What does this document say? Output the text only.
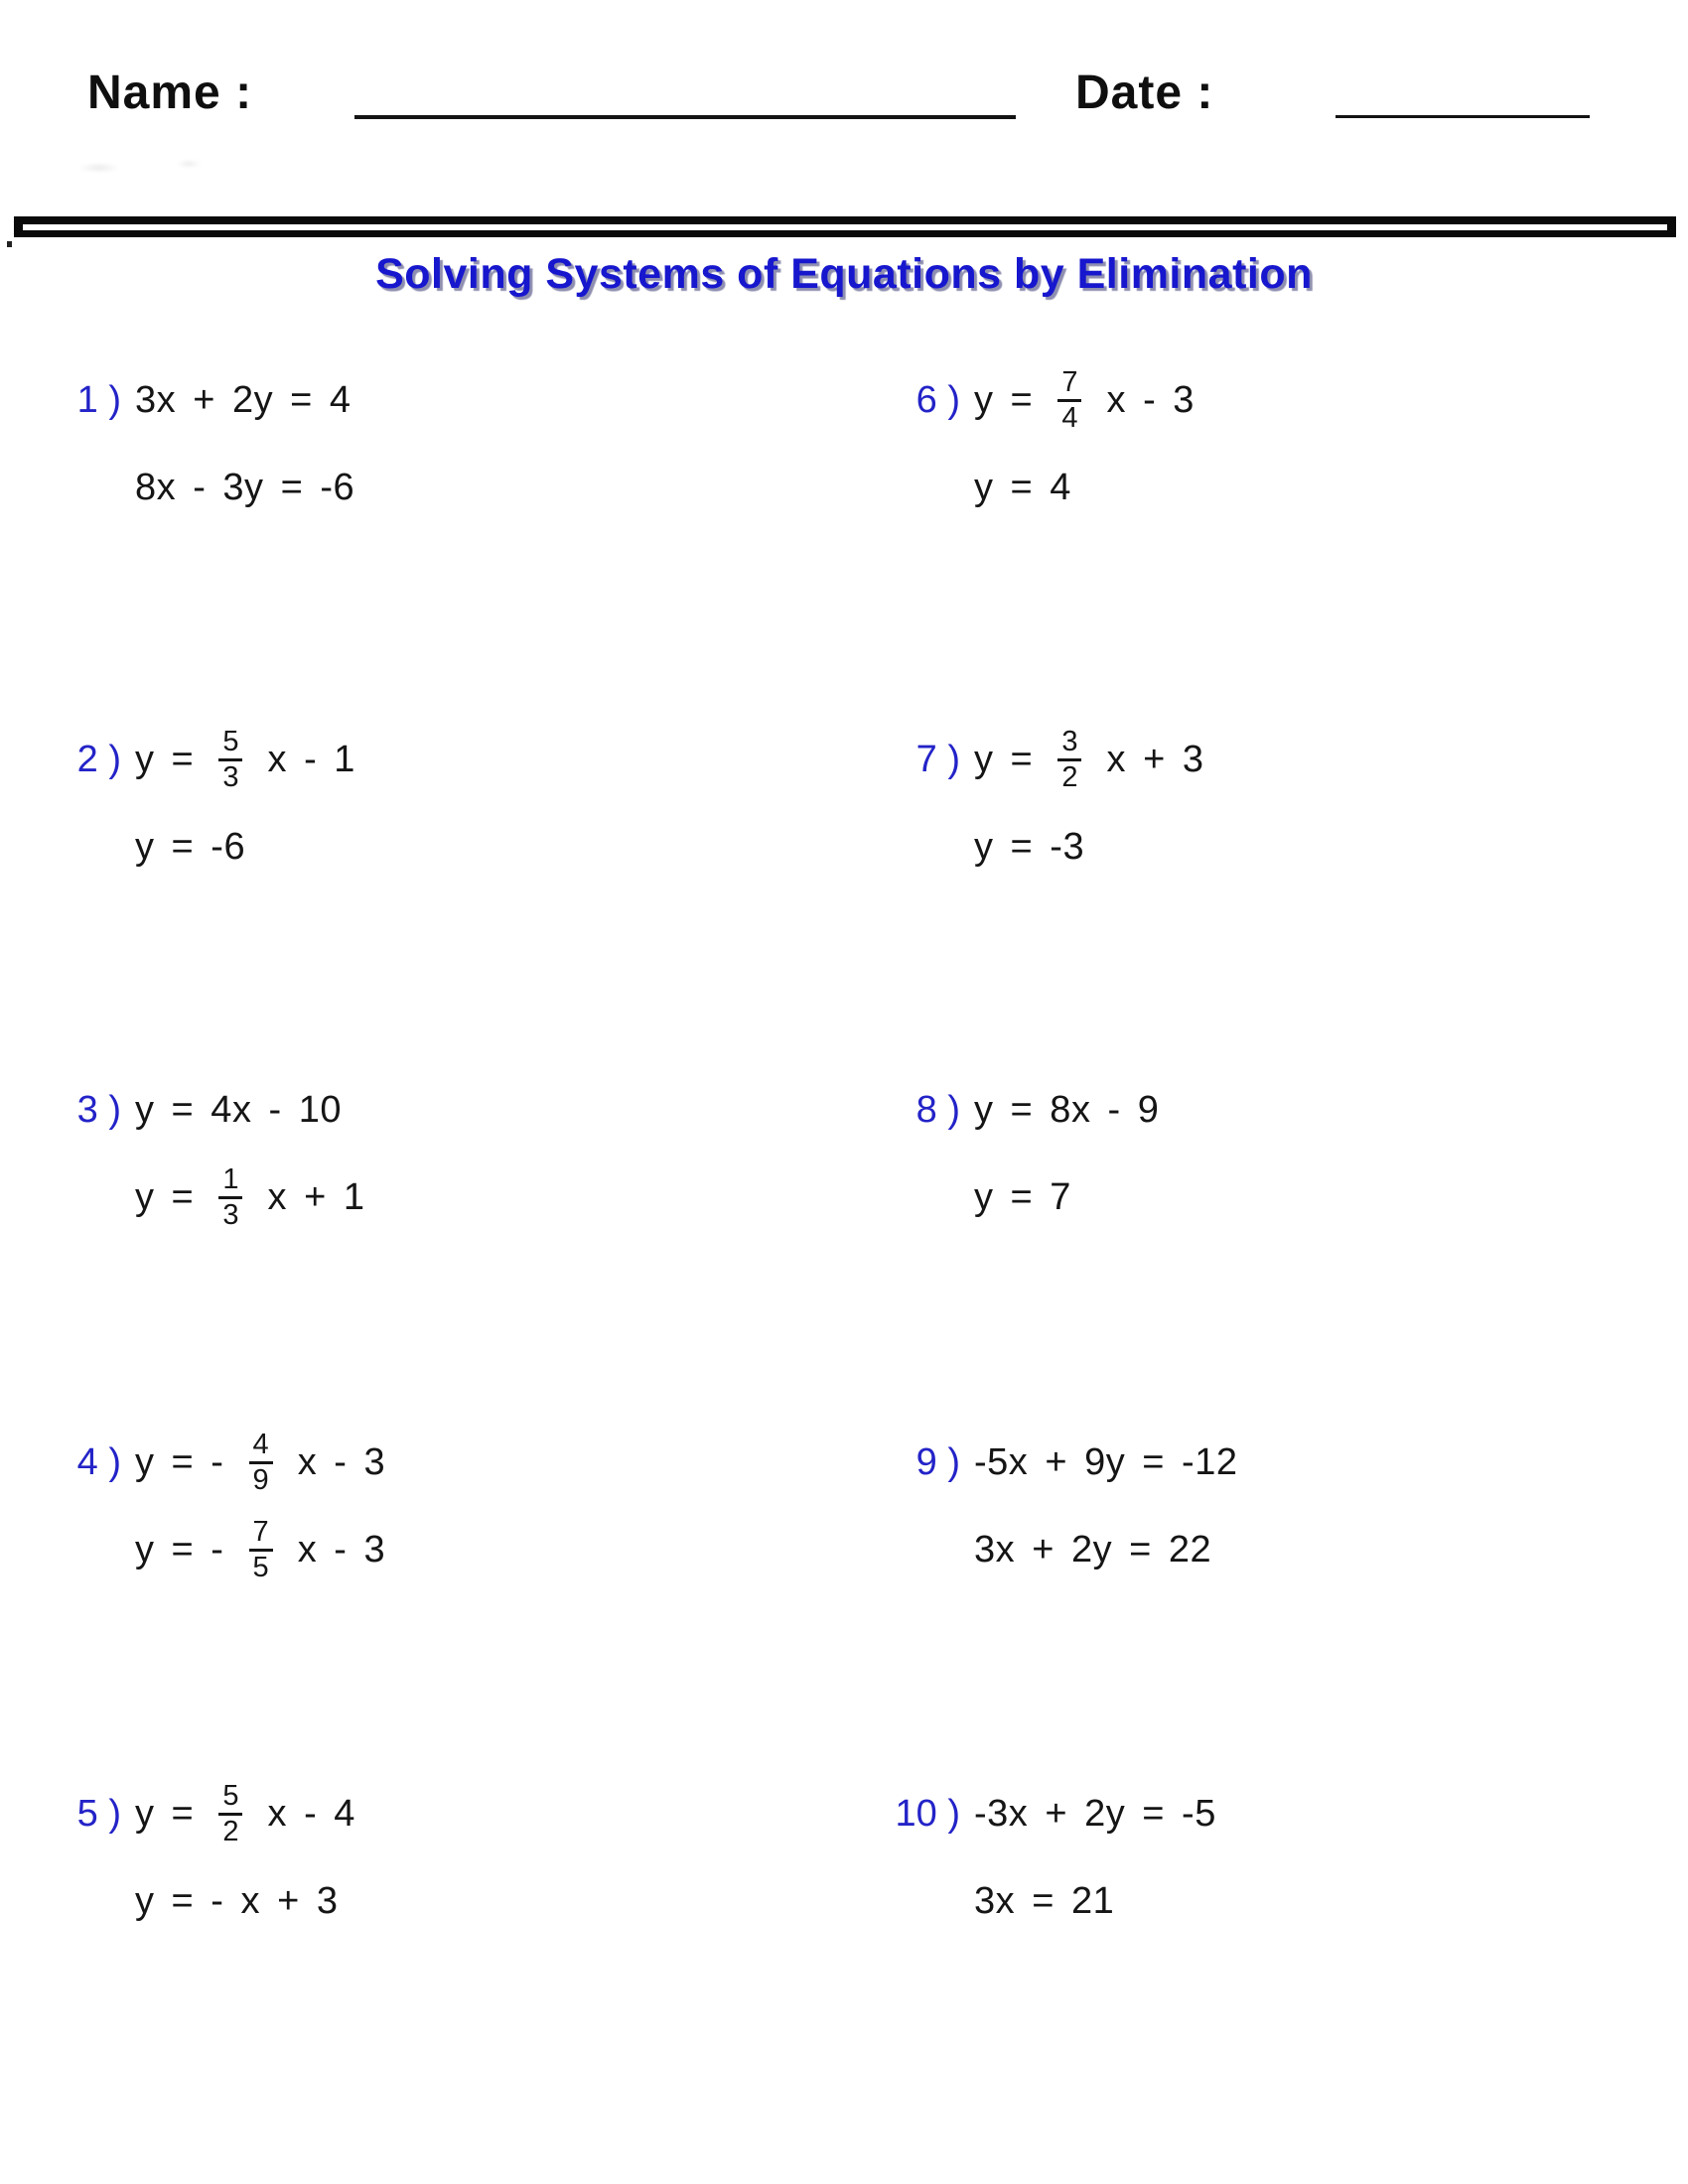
Name :	Date :
Solving Systems of Equations by Elimination
1 ) 3x + 2y = 4
8x - 3y = -6
2 ) $y = \frac{5}{3}$ x - 1
y = -6
3 ) y = 4x - 10
$y = \frac{1}{3}$ x + 1
4 ) y = - $\frac{4}{9}$ x - 3
y = - $\frac{7}{5}$ x - 3
5 ) $y = \frac{5}{2}$ x - 4
y = - x + 3
6 ) $y = \frac{7}{4}$ x - 3
y = 4
7 ) $y = \frac{3}{2}$ x + 3
y = -3
8 ) y = 8x - 9
y = 7
9 ) -5x + 9y = -12
3x + 2y = 22
10 ) -3x + 2y = -5
3x = 21
